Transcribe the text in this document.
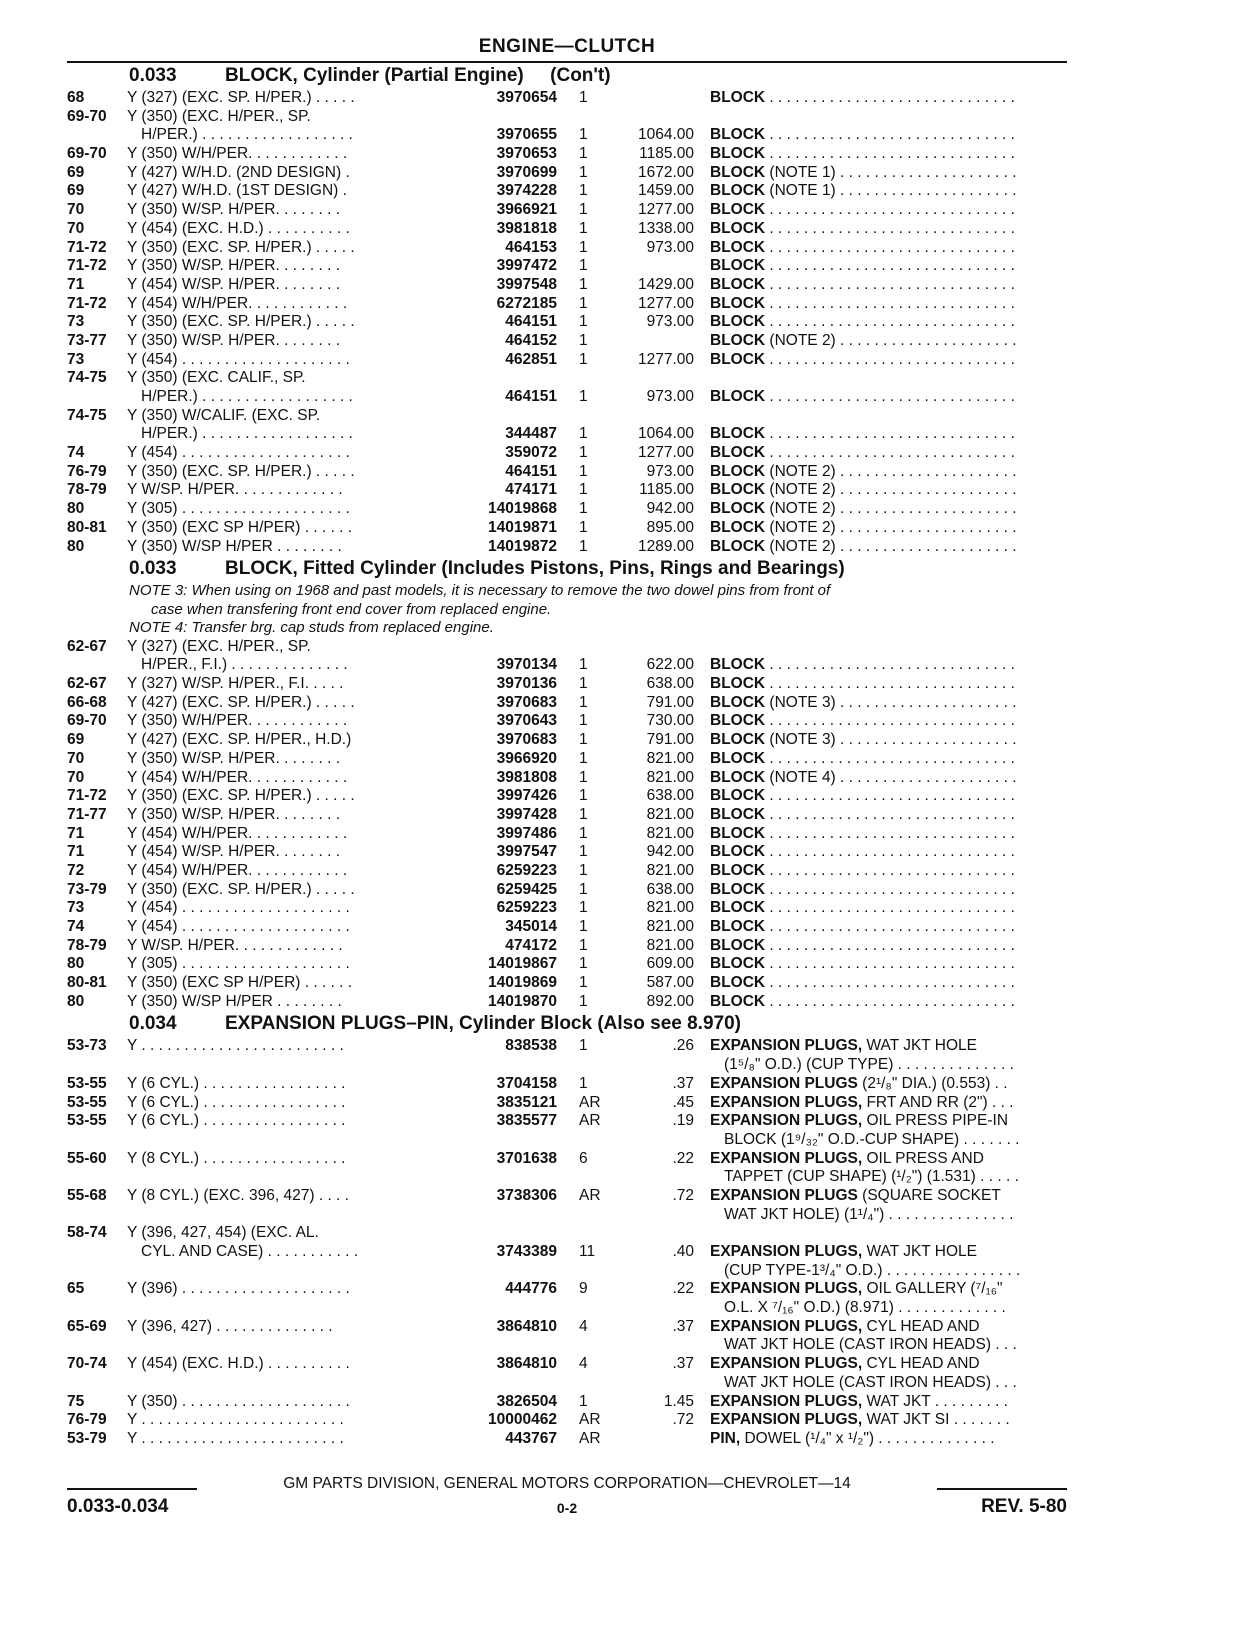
ENGINE—CLUTCH
0.033	BLOCK, Cylinder (Partial Engine)     (Con't)
68	Y (327) (EXC. SP. H/PER.) . . . . .	3970654 1	BLOCK . . . . . . . . . . . . . . . . . . . . . . . . . . . . .
69-70	Y (350) (EXC. H/PER., SP.
H/PER.) . . . . . . . . . . . . . . . . . .	3970655 1	1064.00 BLOCK . . . . . . . . . . . . . . . . . . . . . . . . . . . . .
69-70	Y (350) W/H/PER. . . . . . . . . . . .	3970653 1	1185.00 BLOCK . . . . . . . . . . . . . . . . . . . . . . . . . . . . .
69	Y (427) W/H.D. (2ND DESIGN) .	3970699 1	1672.00 BLOCK (NOTE 1) . . . . . . . . . . . . . . . . . . . . .
69	Y (427) W/H.D. (1ST DESIGN) .	3974228 1	1459.00 BLOCK (NOTE 1) . . . . . . . . . . . . . . . . . . . . .
70	Y (350) W/SP. H/PER. . . . . . . .	3966921 1	1277.00 BLOCK . . . . . . . . . . . . . . . . . . . . . . . . . . . . .
70	Y (454) (EXC. H.D.) . . . . . . . . . .	3981818 1	1338.00 BLOCK . . . . . . . . . . . . . . . . . . . . . . . . . . . . .
71-72	Y (350) (EXC. SP. H/PER.) . . . . .	464153 1	973.00 BLOCK . . . . . . . . . . . . . . . . . . . . . . . . . . . . .
71-72	Y (350) W/SP. H/PER. . . . . . . .	3997472 1	BLOCK . . . . . . . . . . . . . . . . . . . . . . . . . . . . .
71	Y (454) W/SP. H/PER. . . . . . . .	3997548 1	1429.00 BLOCK . . . . . . . . . . . . . . . . . . . . . . . . . . . . .
71-72	Y (454) W/H/PER. . . . . . . . . . . .	6272185 1	1277.00 BLOCK . . . . . . . . . . . . . . . . . . . . . . . . . . . . .
73	Y (350) (EXC. SP. H/PER.) . . . . .	464151 1	973.00 BLOCK . . . . . . . . . . . . . . . . . . . . . . . . . . . . .
73-77	Y (350) W/SP. H/PER. . . . . . . .	464152 1	BLOCK (NOTE 2) . . . . . . . . . . . . . . . . . . . . .
73	Y (454) . . . . . . . . . . . . . . . . . . . .	462851 1	1277.00 BLOCK . . . . . . . . . . . . . . . . . . . . . . . . . . . . .
74-75	Y (350) (EXC. CALIF., SP.
H/PER.) . . . . . . . . . . . . . . . . . .	464151 1	973.00 BLOCK . . . . . . . . . . . . . . . . . . . . . . . . . . . . .
74-75	Y (350) W/CALIF. (EXC. SP.
H/PER.) . . . . . . . . . . . . . . . . . .	344487 1	1064.00 BLOCK . . . . . . . . . . . . . . . . . . . . . . . . . . . . .
74	Y (454) . . . . . . . . . . . . . . . . . . . .	359072 1	1277.00 BLOCK . . . . . . . . . . . . . . . . . . . . . . . . . . . . .
76-79	Y (350) (EXC. SP. H/PER.) . . . . .	464151 1	973.00 BLOCK (NOTE 2) . . . . . . . . . . . . . . . . . . . . .
78-79	Y W/SP. H/PER. . . . . . . . . . . . .	474171 1	1185.00 BLOCK (NOTE 2) . . . . . . . . . . . . . . . . . . . . .
80	Y (305) . . . . . . . . . . . . . . . . . . . .	14019868 1	942.00 BLOCK (NOTE 2) . . . . . . . . . . . . . . . . . . . . .
80-81	Y (350) (EXC SP H/PER) . . . . . .	14019871 1	895.00 BLOCK (NOTE 2) . . . . . . . . . . . . . . . . . . . . .
80	Y (350) W/SP H/PER . . . . . . . .	14019872 1	1289.00 BLOCK (NOTE 2) . . . . . . . . . . . . . . . . . . . . .
0.033	BLOCK, Fitted Cylinder (Includes Pistons, Pins, Rings and Bearings)
NOTE 3: When using on 1968 and past models, it is necessary to remove the two dowel pins from front of
case when transfering front end cover from replaced engine.
NOTE 4: Transfer brg. cap studs from replaced engine.
62-67	Y (327) (EXC. H/PER., SP.
H/PER., F.I.) . . . . . . . . . . . . . .	3970134 1	622.00 BLOCK . . . . . . . . . . . . . . . . . . . . . . . . . . . . .
62-67	Y (327) W/SP. H/PER., F.I. . . . .	3970136 1	638.00 BLOCK . . . . . . . . . . . . . . . . . . . . . . . . . . . . .
66-68	Y (427) (EXC. SP. H/PER.) . . . . .	3970683 1	791.00 BLOCK (NOTE 3) . . . . . . . . . . . . . . . . . . . . .
69-70	Y (350) W/H/PER. . . . . . . . . . . .	3970643 1	730.00 BLOCK . . . . . . . . . . . . . . . . . . . . . . . . . . . . .
69	Y (427) (EXC. SP. H/PER., H.D.)	3970683 1	791.00 BLOCK (NOTE 3) . . . . . . . . . . . . . . . . . . . . .
70	Y (350) W/SP. H/PER. . . . . . . .	3966920 1	821.00 BLOCK . . . . . . . . . . . . . . . . . . . . . . . . . . . . .
70	Y (454) W/H/PER. . . . . . . . . . . .	3981808 1	821.00 BLOCK (NOTE 4) . . . . . . . . . . . . . . . . . . . . .
71-72	Y (350) (EXC. SP. H/PER.) . . . . .	3997426 1	638.00 BLOCK . . . . . . . . . . . . . . . . . . . . . . . . . . . . .
71-77	Y (350) W/SP. H/PER. . . . . . . .	3997428 1	821.00 BLOCK . . . . . . . . . . . . . . . . . . . . . . . . . . . . .
71	Y (454) W/H/PER. . . . . . . . . . . .	3997486 1	821.00 BLOCK . . . . . . . . . . . . . . . . . . . . . . . . . . . . .
71	Y (454) W/SP. H/PER. . . . . . . .	3997547 1	942.00 BLOCK . . . . . . . . . . . . . . . . . . . . . . . . . . . . .
72	Y (454) W/H/PER. . . . . . . . . . . .	6259223 1	821.00 BLOCK . . . . . . . . . . . . . . . . . . . . . . . . . . . . .
73-79	Y (350) (EXC. SP. H/PER.) . . . . .	6259425 1	638.00 BLOCK . . . . . . . . . . . . . . . . . . . . . . . . . . . . .
73	Y (454) . . . . . . . . . . . . . . . . . . . .	6259223 1	821.00 BLOCK . . . . . . . . . . . . . . . . . . . . . . . . . . . . .
74	Y (454) . . . . . . . . . . . . . . . . . . . .	345014 1	821.00 BLOCK . . . . . . . . . . . . . . . . . . . . . . . . . . . . .
78-79	Y W/SP. H/PER. . . . . . . . . . . . .	474172 1	821.00 BLOCK . . . . . . . . . . . . . . . . . . . . . . . . . . . . .
80	Y (305) . . . . . . . . . . . . . . . . . . . .	14019867 1	609.00 BLOCK . . . . . . . . . . . . . . . . . . . . . . . . . . . . .
80-81	Y (350) (EXC SP H/PER) . . . . . .	14019869 1	587.00 BLOCK . . . . . . . . . . . . . . . . . . . . . . . . . . . . .
80	Y (350) W/SP H/PER . . . . . . . .	14019870 1	892.00 BLOCK . . . . . . . . . . . . . . . . . . . . . . . . . . . . .
0.034	EXPANSION PLUGS–PIN, Cylinder Block (Also see 8.970)
53-73	Y . . . . . . . . . . . . . . . . . . . . . . . .	838538 1	.26 EXPANSION PLUGS, WAT JKT HOLE
(1⁵/₈" O.D.) (CUP TYPE) . . . . . . . . . . . . . .
53-55	Y (6 CYL.) . . . . . . . . . . . . . . . . .	3704158 1	.37 EXPANSION PLUGS (2¹/₈" DIA.) (0.553) . .
53-55	Y (6 CYL.) . . . . . . . . . . . . . . . . .	3835121 AR	.45 EXPANSION PLUGS, FRT AND RR (2") . . .
53-55	Y (6 CYL.) . . . . . . . . . . . . . . . . .	3835577 AR	.19 EXPANSION PLUGS, OIL PRESS PIPE-IN
BLOCK (1⁹/₃₂" O.D.-CUP SHAPE) . . . . . . .
55-60	Y (8 CYL.) . . . . . . . . . . . . . . . . .	3701638 6	.22 EXPANSION PLUGS, OIL PRESS AND
TAPPET (CUP SHAPE) (¹/₂") (1.531) . . . . .
55-68	Y (8 CYL.) (EXC. 396, 427) . . . .	3738306 AR	.72 EXPANSION PLUGS (SQUARE SOCKET
WAT JKT HOLE) (1¹/₄") . . . . . . . . . . . . . . .
58-74	Y (396, 427, 454) (EXC. AL.
CYL. AND CASE) . . . . . . . . . . .	3743389 11	.40 EXPANSION PLUGS, WAT JKT HOLE
(CUP TYPE-1³/₄" O.D.) . . . . . . . . . . . . . . . .
65	Y (396) . . . . . . . . . . . . . . . . . . . .	444776 9	.22 EXPANSION PLUGS, OIL GALLERY (⁷/₁₆"
O.L. X ⁷/₁₆" O.D.) (8.971) . . . . . . . . . . . . .
65-69	Y (396, 427) . . . . . . . . . . . . . .	3864810 4	.37 EXPANSION PLUGS, CYL HEAD AND
WAT JKT HOLE (CAST IRON HEADS) . . .
70-74	Y (454) (EXC. H.D.) . . . . . . . . . .	3864810 4	.37 EXPANSION PLUGS, CYL HEAD AND
WAT JKT HOLE (CAST IRON HEADS) . . .
75	Y (350) . . . . . . . . . . . . . . . . . . . .	3826504 1	1.45 EXPANSION PLUGS, WAT JKT . . . . . . . . .
76-79	Y . . . . . . . . . . . . . . . . . . . . . . . .	10000462 AR	.72 EXPANSION PLUGS, WAT JKT SI . . . . . . .
53-79	Y . . . . . . . . . . . . . . . . . . . . . . . .	443767 AR	PIN, DOWEL (¹/₄" x ¹/₂") . . . . . . . . . . . . . .
GM PARTS DIVISION, GENERAL MOTORS CORPORATION—CHEVROLET—14
0.033-0.034	0-2	REV. 5-80
